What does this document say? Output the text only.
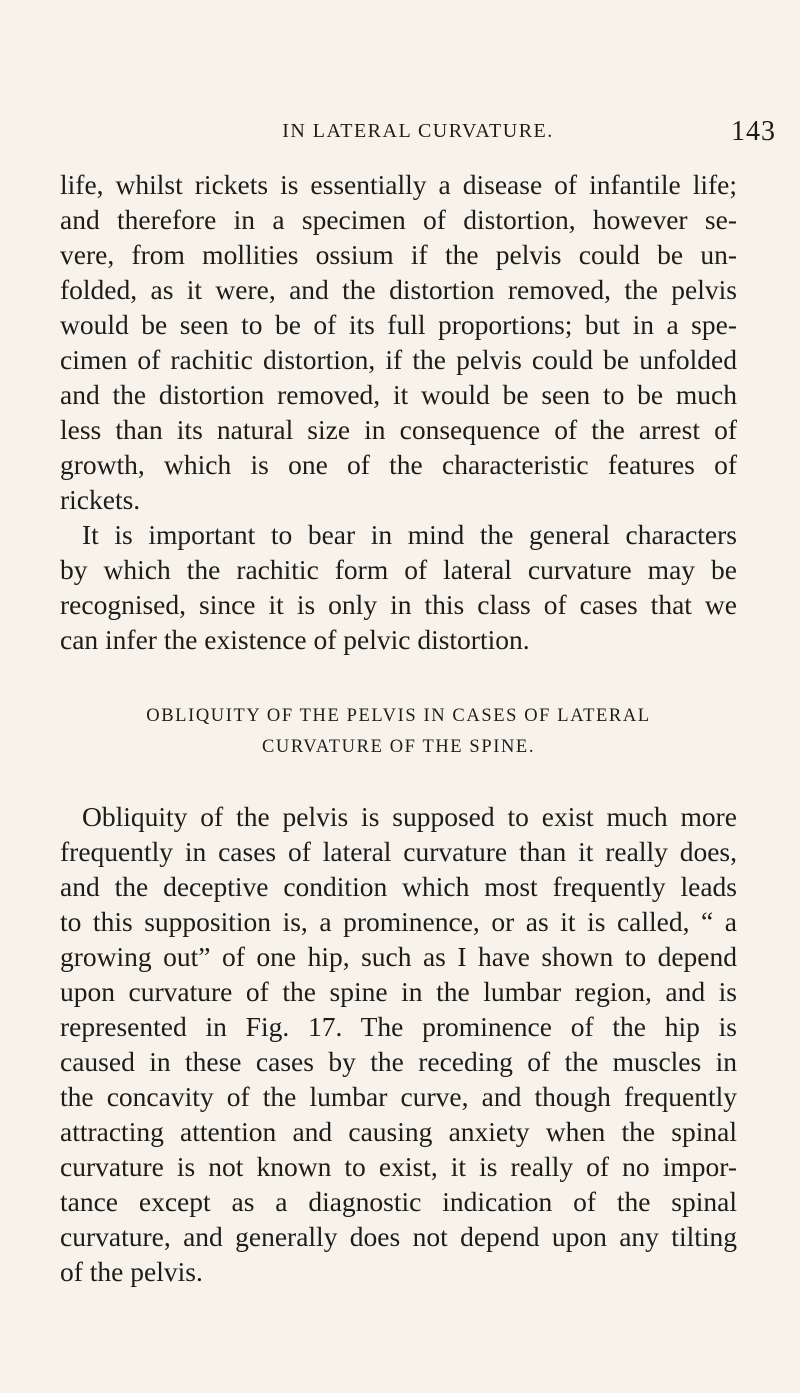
IN LATERAL CURVATURE.	143
life, whilst rickets is essentially a disease of infantile life;
and therefore in a specimen of distortion, however se-
vere, from mollities ossium if the pelvis could be un-
folded, as it were, and the distortion removed, the pelvis
would be seen to be of its full proportions; but in a spe-
cimen of rachitic distortion, if the pelvis could be unfolded
and the distortion removed, it would be seen to be much
less than its natural size in consequence of the arrest of
growth, which is one of the characteristic features of
rickets.
It is important to bear in mind the general characters
by which the rachitic form of lateral curvature may be
recognised, since it is only in this class of cases that we
can infer the existence of pelvic distortion.
OBLIQUITY OF THE PELVIS IN CASES OF LATERAL
CURVATURE OF THE SPINE.
Obliquity of the pelvis is supposed to exist much more
frequently in cases of lateral curvature than it really does,
and the deceptive condition which most frequently leads
to this supposition is, a prominence, or as it is called, “ a
growing out” of one hip, such as I have shown to depend
upon curvature of the spine in the lumbar region, and is
represented in Fig. 17. The prominence of the hip is
caused in these cases by the receding of the muscles in
the concavity of the lumbar curve, and though frequently
attracting attention and causing anxiety when the spinal
curvature is not known to exist, it is really of no impor-
tance except as a diagnostic indication of the spinal
curvature, and generally does not depend upon any tilting
of the pelvis.
